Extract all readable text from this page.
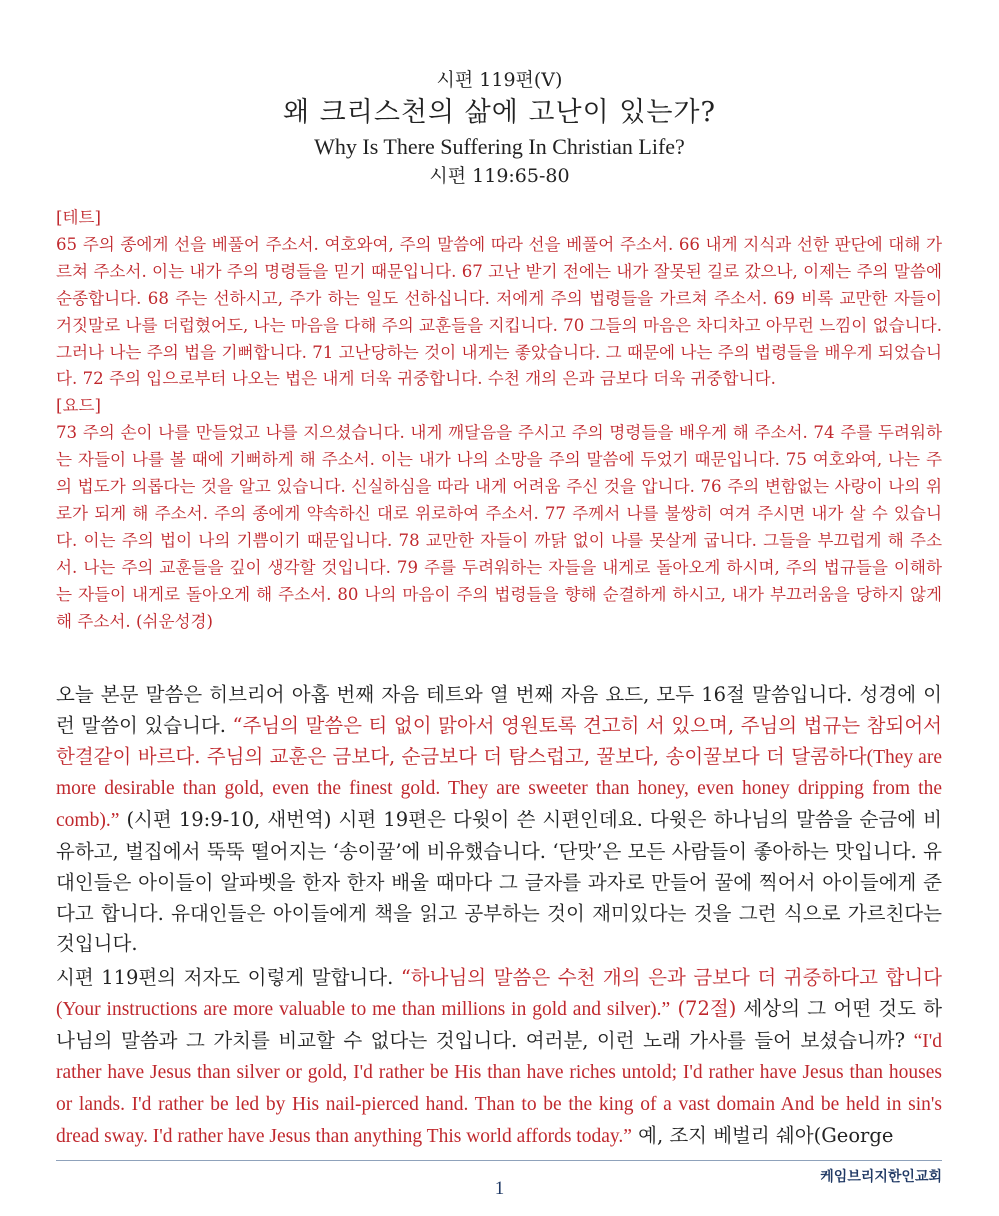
시편 119편(V)
왜 크리스천의 삶에 고난이 있는가?
Why Is There Suffering In Christian Life?
시편 119:65-80
[테트]
65 주의 종에게 선을 베풀어 주소서. 여호와여, 주의 말씀에 따라 선을 베풀어 주소서. 66 내게 지식과 선한 판단에 대해 가르쳐 주소서. 이는 내가 주의 명령들을 믿기 때문입니다. 67 고난 받기 전에는 내가 잘못된 길로 갔으나, 이제는 주의 말씀에 순종합니다. 68 주는 선하시고, 주가 하는 일도 선하십니다. 저에게 주의 법령들을 가르쳐 주소서. 69 비록 교만한 자들이 거짓말로 나를 더럽혔어도, 나는 마음을 다해 주의 교훈들을 지킵니다. 70 그들의 마음은 차디차고 아무런 느낌이 없습니다. 그러나 나는 주의 법을 기뻐합니다. 71 고난당하는 것이 내게는 좋았습니다. 그 때문에 나는 주의 법령들을 배우게 되었습니다. 72 주의 입으로부터 나오는 법은 내게 더욱 귀중합니다. 수천 개의 은과 금보다 더욱 귀중합니다.
[요드]
73 주의 손이 나를 만들었고 나를 지으셨습니다. 내게 깨달음을 주시고 주의 명령들을 배우게 해 주소서. 74 주를 두려워하는 자들이 나를 볼 때에 기뻐하게 해 주소서. 이는 내가 나의 소망을 주의 말씀에 두었기 때문입니다. 75 여호와여, 나는 주의 법도가 의롭다는 것을 알고 있습니다. 신실하심을 따라 내게 어려움 주신 것을 압니다. 76 주의 변함없는 사랑이 나의 위로가 되게 해 주소서. 주의 종에게 약속하신 대로 위로하여 주소서. 77 주께서 나를 불쌍히 여겨 주시면 내가 살 수 있습니다. 이는 주의 법이 나의 기쁨이기 때문입니다. 78 교만한 자들이 까닭 없이 나를 못살게 굽니다. 그들을 부끄럽게 해 주소서. 나는 주의 교훈들을 깊이 생각할 것입니다. 79 주를 두려워하는 자들을 내게로 돌아오게 하시며, 주의 법규들을 이해하는 자들이 내게로 돌아오게 해 주소서. 80 나의 마음이 주의 법령들을 향해 순결하게 하시고, 내가 부끄러움을 당하지 않게 해 주소서. (쉬운성경)
오늘 본문 말씀은 히브리어 아홉 번째 자음 테트와 열 번째 자음 요드, 모두 16절 말씀입니다. 성경에 이런 말씀이 있습니다. “주님의 말씀은 티 없이 맑아서 영원토록 견고히 서 있으며, 주님의 법규는 참되어서 한결같이 바르다. 주님의 교훈은 금보다, 순금보다 더 탐스럽고, 꿀보다, 송이꿀보다 더 달콤하다(They are more desirable than gold, even the finest gold. They are sweeter than honey, even honey dripping from the comb).” (시편 19:9-10, 새번역) 시편 19편은 다윗이 쓴 시편인데요. 다윗은 하나님의 말씀을 순금에 비유하고, 벌집에서 뚝뚝 떨어지는 ‘송이꿀’에 비유했습니다. ‘단맛’은 모든 사람들이 좋아하는 맛입니다. 유대인들은 아이들이 알파벳을 한자 한자 배울 때마다 그 글자를 과자로 만들어 꿀에 찍어서 아이들에게 준다고 합니다. 유대인들은 아이들에게 책을 읽고 공부하는 것이 재미있다는 것을 그런 식으로 가르친다는 것입니다.
시편 119편의 저자도 이렇게 말합니다. “하나님의 말씀은 수천 개의 은과 금보다 더 귀중하다고 합니다(Your instructions are more valuable to me than millions in gold and silver).” (72절) 세상의 그 어떤 것도 하나님의 말씀과 그 가치를 비교할 수 없다는 것입니다. 여러분, 이런 노래 가사를 들어 보셨습니까? “I'd rather have Jesus than silver or gold, I'd rather be His than have riches untold; I'd rather have Jesus than houses or lands. I'd rather be led by His nail-pierced hand. Than to be the king of a vast domain And be held in sin's dread sway. I'd rather have Jesus than anything This world affords today.” 예, 조지 베벌리 쉐아(George
케임브리지한인교회
1
